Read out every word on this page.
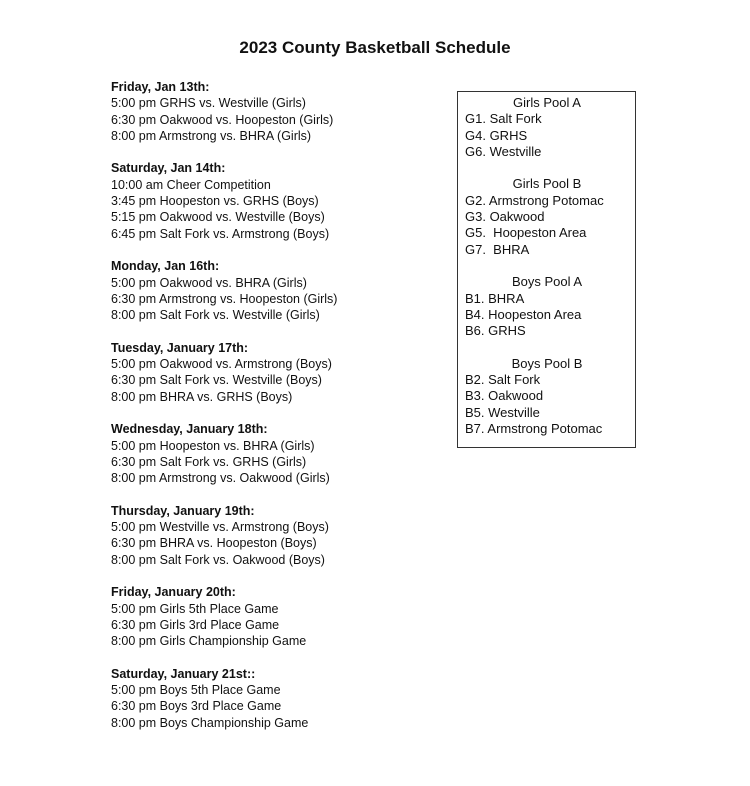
2023 County Basketball Schedule
Friday, Jan 13th:
5:00 pm GRHS vs. Westville (Girls)
6:30 pm Oakwood vs. Hoopeston (Girls)
8:00 pm Armstrong vs. BHRA (Girls)
Saturday, Jan 14th:
10:00 am Cheer Competition
3:45 pm Hoopeston vs. GRHS (Boys)
5:15 pm Oakwood vs. Westville (Boys)
6:45 pm Salt Fork vs. Armstrong (Boys)
Monday, Jan 16th:
5:00 pm Oakwood vs. BHRA (Girls)
6:30 pm Armstrong vs. Hoopeston (Girls)
8:00 pm Salt Fork vs. Westville (Girls)
Tuesday, January 17th:
5:00 pm Oakwood vs. Armstrong (Boys)
6:30 pm Salt Fork vs. Westville (Boys)
8:00 pm BHRA vs. GRHS (Boys)
Wednesday, January 18th:
5:00 pm Hoopeston vs. BHRA (Girls)
6:30 pm Salt Fork vs. GRHS (Girls)
8:00 pm Armstrong vs. Oakwood (Girls)
Thursday, January 19th:
5:00 pm Westville vs. Armstrong (Boys)
6:30 pm BHRA vs. Hoopeston (Boys)
8:00 pm Salt Fork vs. Oakwood (Boys)
Friday, January 20th:
5:00 pm Girls 5th Place Game
6:30 pm Girls 3rd Place Game
8:00 pm Girls Championship Game
Saturday, January 21st::
5:00 pm Boys 5th Place Game
6:30 pm Boys 3rd Place Game
8:00 pm Boys Championship Game
Girls Pool A
G1. Salt Fork
G4. GRHS
G6. Westville
Girls Pool B
G2. Armstrong Potomac
G3. Oakwood
G5.  Hoopeston Area
G7.  BHRA
Boys Pool A
B1. BHRA
B4. Hoopeston Area
B6. GRHS
Boys Pool B
B2. Salt Fork
B3. Oakwood
B5. Westville
B7. Armstrong Potomac
